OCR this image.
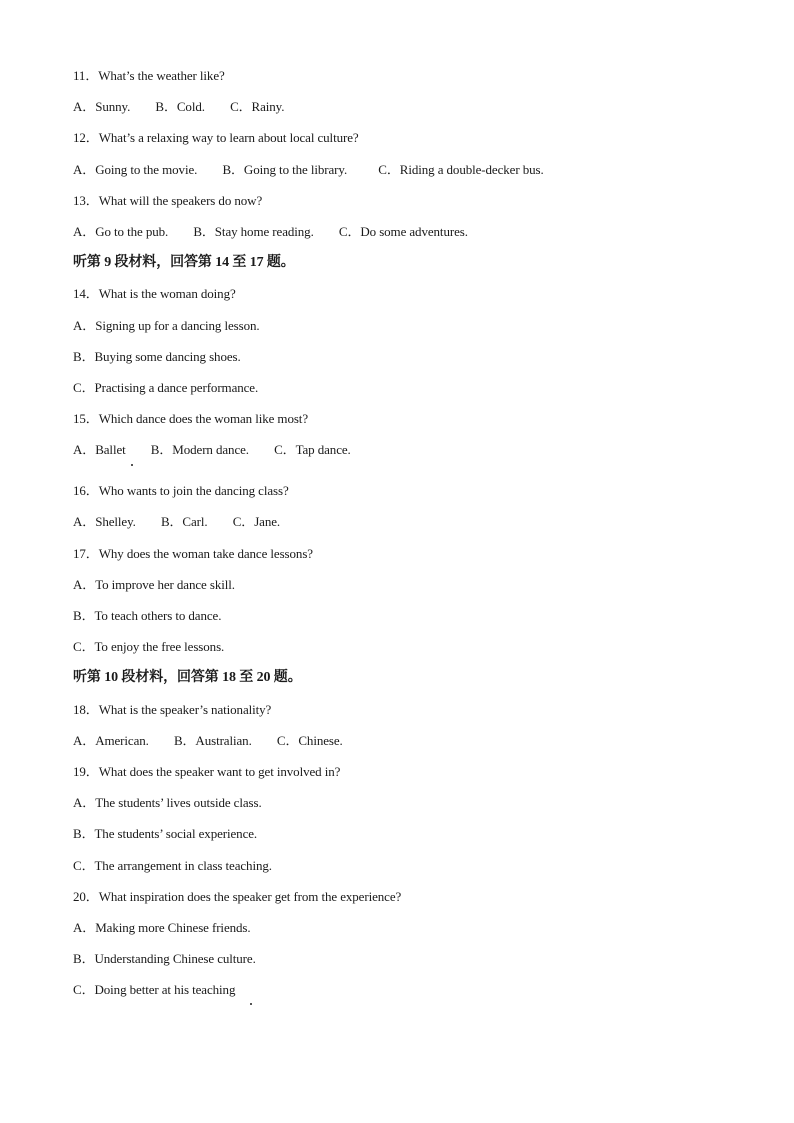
11．What’s the weather like?
A．Sunny. B．Cold. C．Rainy.
12．What’s a relaxing way to learn about local culture?
A．Going to the movie. B．Going to the library. C．Riding a double-decker bus.
13．What will the speakers do now?
A．Go to the pub. B．Stay home reading. C．Do some adventures.
听第 9 段材料，回答第 14 至 17 题。
14．What is the woman doing?
A．Signing up for a dancing lesson.
B．Buying some dancing shoes.
C．Practising a dance performance.
15．Which dance does the woman like most?
A．Ballet B．Modern dance. C．Tap dance.
16．Who wants to join the dancing class?
A．Shelley. B．Carl. C．Jane.
17．Why does the woman take dance lessons?
A．To improve her dance skill.
B．To teach others to dance.
C．To enjoy the free lessons.
听第 10 段材料，回答第 18 至 20 题。
18．What is the speaker’s nationality?
A．American. B．Australian. C．Chinese.
19．What does the speaker want to get involved in?
A．The students’ lives outside class.
B．The students’ social experience.
C．The arrangement in class teaching.
20．What inspiration does the speaker get from the experience?
A．Making more Chinese friends.
B．Understanding Chinese culture.
C．Doing better at his teaching
